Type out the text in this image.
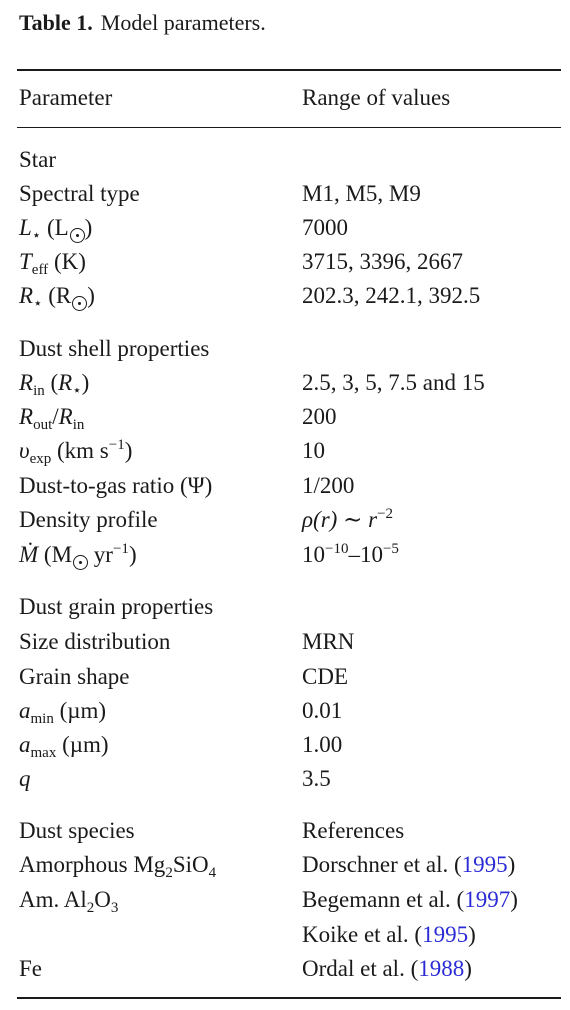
Table 1. Model parameters.
Parameter	Range of values
Star
Spectral type	M1, M5, M9
$L_⋆$ (L )	7000
$T_{eff}$ (K)	3715, 3396, 2667
$R_⋆$ (R )	202.3, 242.1, 392.5
Dust shell properties
$R_{in}$ $(R_⋆)$	2.5, 3, 5, 7.5 and 15
$R_{out}/R_{in}$	200
$\upsilon_{exp}$ (km $s^{-1}$)	10
Dust-to-gas ratio (Ψ)	1/200
Density profile	ρ(r) ∼ $r^{-2}$
Ṁ (M $yr^{-1}$)	$10^{-10}-10^{-5}$
Dust grain properties
Size distribution	MRN
Grain shape	CDE
$a_{min}$ (µm)	0.01
$a_{max}$ (µm)	1.00
q	3.5
Dust species	References
Amorphous $Mg_2SiO_4$	Dorschner et al. (1995)
Am. $Al_2O_3$	Begemann et al. (1997)
Koike et al. (1995)
Fe	Ordal et al. (1988)
